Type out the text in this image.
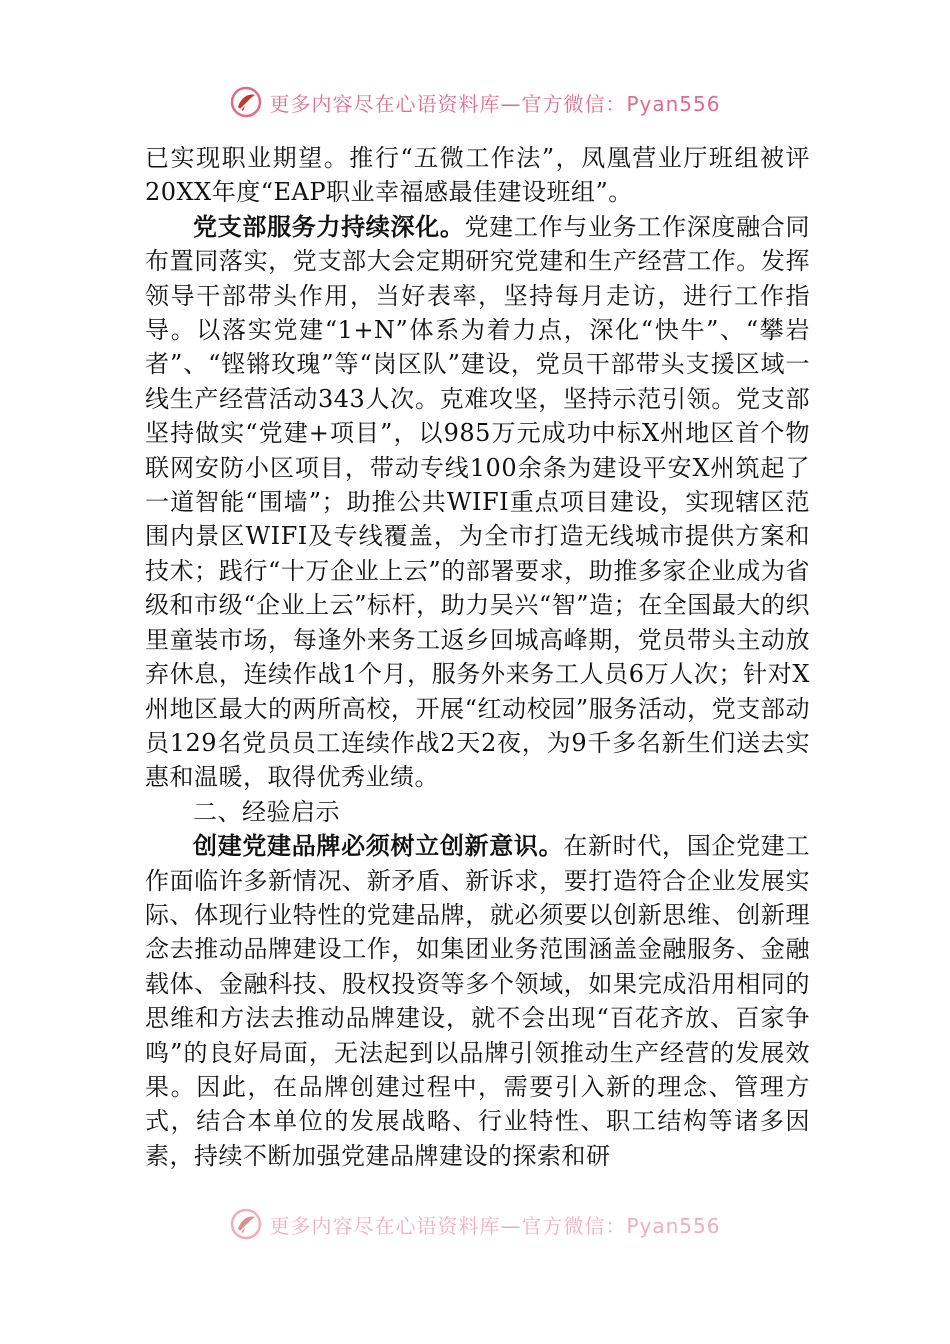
更多内容尽在心语资料库—官方微信：Pyan556

已实现职业期望。推行“五微工作法”，凤凰营业厅班组被评20XX年度“EAP职业幸福感最佳建设班组”。

党支部服务力持续深化。党建工作与业务工作深度融合同布置同落实，党支部大会定期研究党建和生产经营工作。发挥领导干部带头作用，当好表率，坚持每月走访，进行工作指导。以落实党建“1+N”体系为着力点，深化“快牛”、“攀岩者”、“铿锵玫瑰”等“岗区队”建设，党员干部带头支援区域一线生产经营活动343人次。克难攻坚，坚持示范引领。党支部坚持做实“党建+项目”，以985万元成功中标X州地区首个物联网安防小区项目，带动专线100余条为建设平安X州筑起了一道智能“围墙”；助推公共WIFI重点项目建设，实现辖区范围内景区WIFI及专线覆盖，为全市打造无线城市提供方案和技术；践行“十万企业上云”的部署要求，助推多家企业成为省级和市级“企业上云”标杆，助力吴兴“智”造；在全国最大的织里童装市场，每逢外来务工返乡回城高峰期，党员带头主动放弃休息，连续作战1个月，服务外来务工人员6万人次；针对X州地区最大的两所高校，开展“红动校园”服务活动，党支部动员129名党员员工连续作战2天2夜，为9千多名新生们送去实惠和温暖，取得优秀业绩。

二、经验启示

创建党建品牌必须树立创新意识。在新时代，国企党建工作面临许多新情况、新矛盾、新诉求，要打造符合企业发展实际、体现行业特性的党建品牌，就必须要以创新思维、创新理念去推动品牌建设工作，如集团业务范围涵盖金融服务、金融载体、金融科技、股权投资等多个领域，如果完成沿用相同的思维和方法去推动品牌建设，就不会出现“百花齐放、百家争鸣”的良好局面，无法起到以品牌引领推动生产经营的发展效果。因此，在品牌创建过程中，需要引入新的理念、管理方式，结合本单位的发展战略、行业特性、职工结构等诸多因素，持续不断加强党建品牌建设的探索和研

更多内容尽在心语资料库—官方微信：Pyan556
